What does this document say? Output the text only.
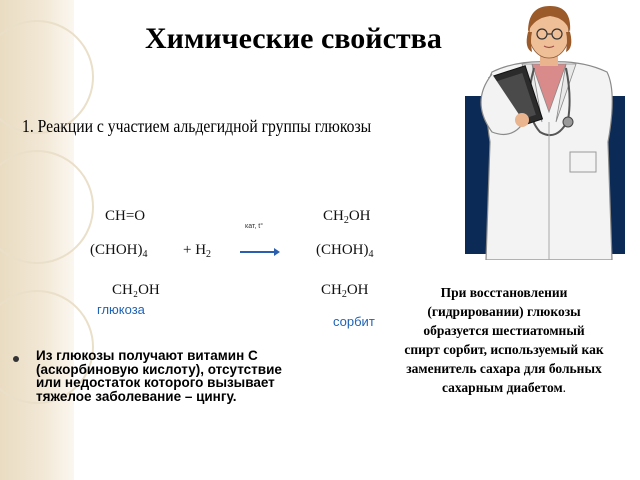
Химические свойства
1. Реакции с участием альдегидной группы глюкозы
CH=O
$(CHOH)_4 + H_2$
CH₂OH
глюкоза
кат, t°
$CH_2OH$
$(CHOH)_4$
$CH_2OH$
сорбит
Из глюкозы получают витамин С (аскорбиновую кислоту), отсутствие или недостаток которого вызывает тяжелое заболевание – цингу.
При восстановлении (гидрировании) глюкозы образуется шестиатомный спирт сорбит, используемый как заменитель сахара для больных сахарным диабетом.
